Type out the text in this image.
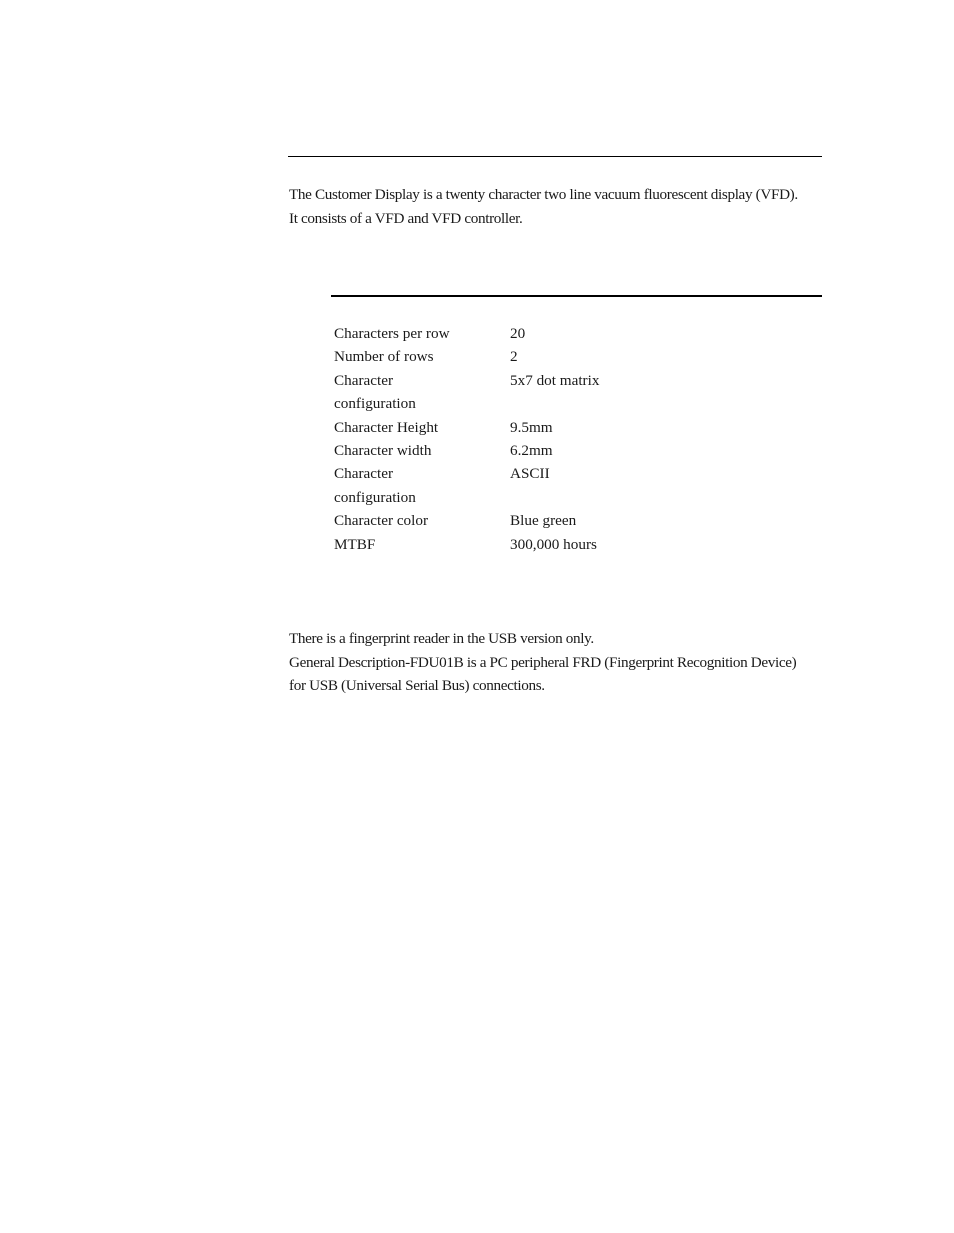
The Customer Display is a twenty character two line vacuum fluorescent display (VFD).

It consists of a VFD and VFD controller.

Characters per row	20

Number of rows	2

Character configuration	5x7 dot matrix

Character Height	9.5mm

Character width	6.2mm

Character configuration	ASCII

Character color	Blue green

MTBF	300,000 hours

There is a fingerprint reader in the USB version only.

General Description-FDU01B is a PC peripheral FRD (Fingerprint Recognition Device)

for USB (Universal Serial Bus) connections.
